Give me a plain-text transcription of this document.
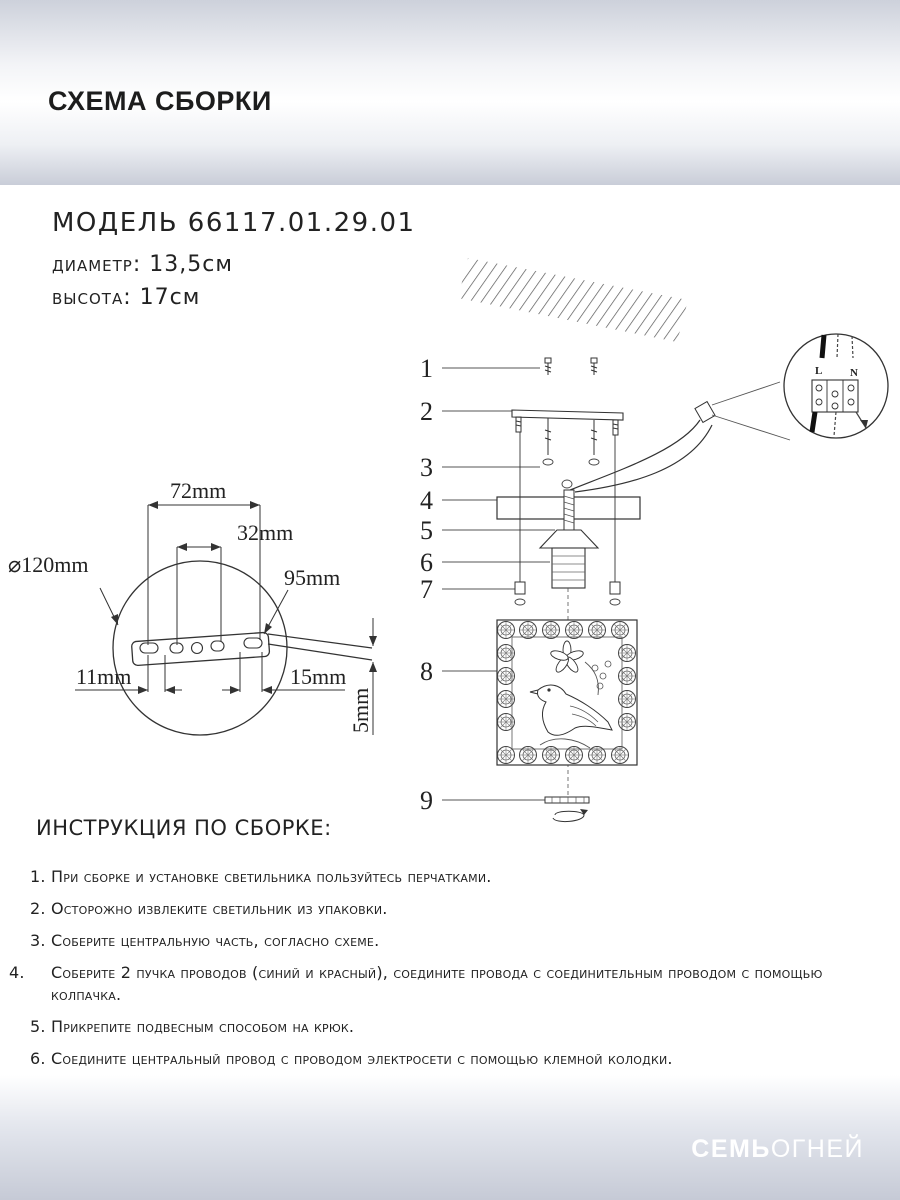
СХЕМА СБОРКИ
МОДЕЛЬ 66117.01.29.01
диаметр: 13,5см
высота: 17см
72mm
32mm
⌀120mm
95mm
11mm	15mm
5mm
L	N
1
2
3
4
5
6
7
8
9
ИНСТРУКЦИЯ ПО СБОРКЕ:
1. При сборке и установке светильника пользуйтесь перчатками.
2. Осторожно извлеките светильник из упаковки.
3. Соберите центральную часть, согласно схеме.
4. Соберите 2 пучка проводов (синий и красный), соедините провода с соединительным проводом с помощью колпачка.
5. Прикрепите подвесным способом на крюк.
6. Соедините центральный провод с проводом электросети с помощью клемной колодки.
СЕМЬОГНЕЙ
